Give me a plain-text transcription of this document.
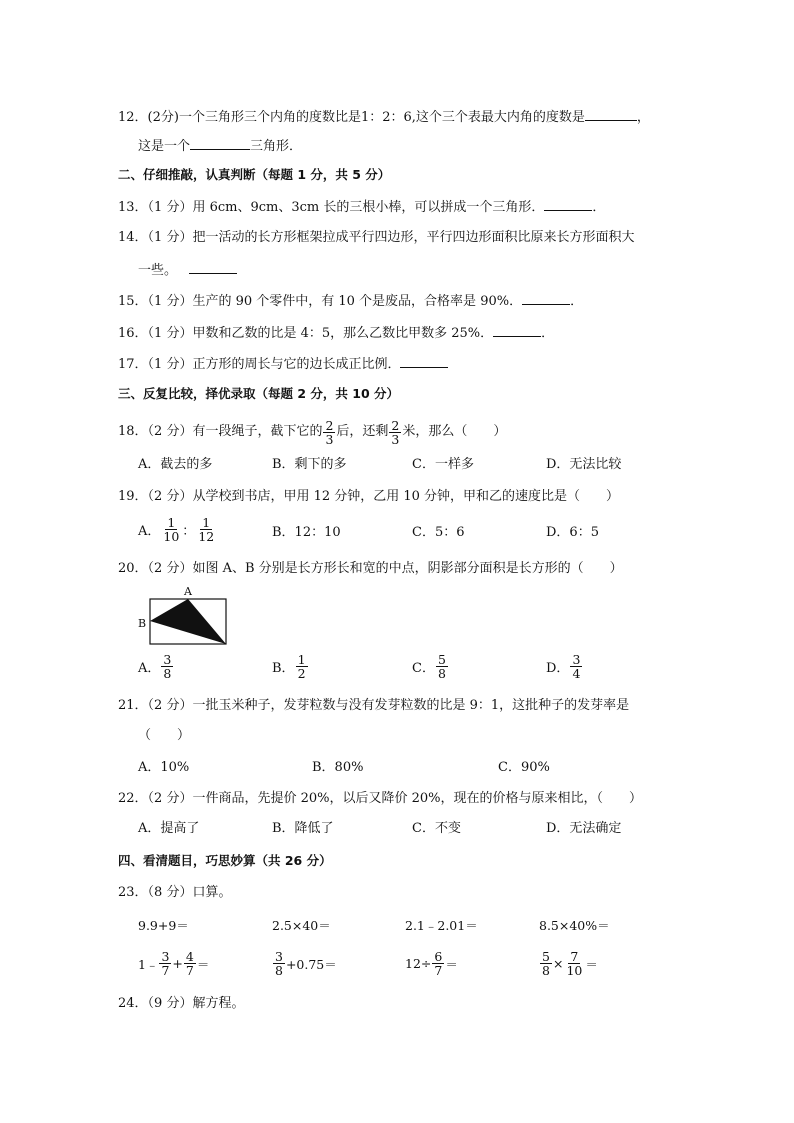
12．(2分)一个三角形三个内角的度数比是1：2：6,这个三个表最大内角的度数是	，
这是一个	三角形．
二、仔细推敲，认真判断（每题 1 分，共 5 分）
13．（1 分）用 6cm、9cm、3cm 长的三根小棒，可以拼成一个三角形．	．
14．（1 分）把一活动的长方形框架拉成平行四边形，平行四边形面积比原来长方形面积大
一些。
15．（1 分）生产的 90 个零件中，有 10 个是废品，合格率是 90%．	．
16．（1 分）甲数和乙数的比是 4：5，那么乙数比甲数多 25%．	．
17．（1 分）正方形的周长与它的边长成正比例．
三、反复比较，择优录取（每题 2 分，共 10 分）
18．（2 分）有一段绳子，截下它的 $\frac{2}{3}$ 后，还剩 $\frac{2}{3}$ 米，那么（　　）
A．截去的多	B．剩下的多	C．一样多	D．无法比较
19．（2 分）从学校到书店，甲用 12 分钟，乙用 10 分钟，甲和乙的速度比是（　　）
A． $\frac{1}{10}$ ： $\frac{1}{12}$	B．12：10	C．5：6	D．6：5
20．（2 分）如图 A、B 分别是长方形长和宽的中点，阴影部分面积是长方形的（　　）
A
B
A． $\frac{3}{8}$	B． $\frac{1}{2}$	C． $\frac{5}{8}$	D． $\frac{3}{4}$
21．（2 分）一批玉米种子，发芽粒数与没有发芽粒数的比是 9：1，这批种子的发芽率是
（　　）
A．10%	B．80%	C．90%
22．（2 分）一件商品，先提价 20%，以后又降价 20%，现在的价格与原来相比，（　　）
A．提高了	B．降低了	C．不变	D．无法确定
四、看清题目，巧思妙算（共 26 分）
23．（8 分）口算。
9.9+9＝	2.5×40＝	2.1﹣2.01＝	8.5×40%＝
1﹣ $\frac{3}{7} + \frac{4}{7}$ ＝	$\frac{3}{8} +0.75=$	$12\div \frac{6}{7}$ ＝	$\frac{5}{8} \times \frac{7}{10}$ ＝
24．（9 分）解方程。
